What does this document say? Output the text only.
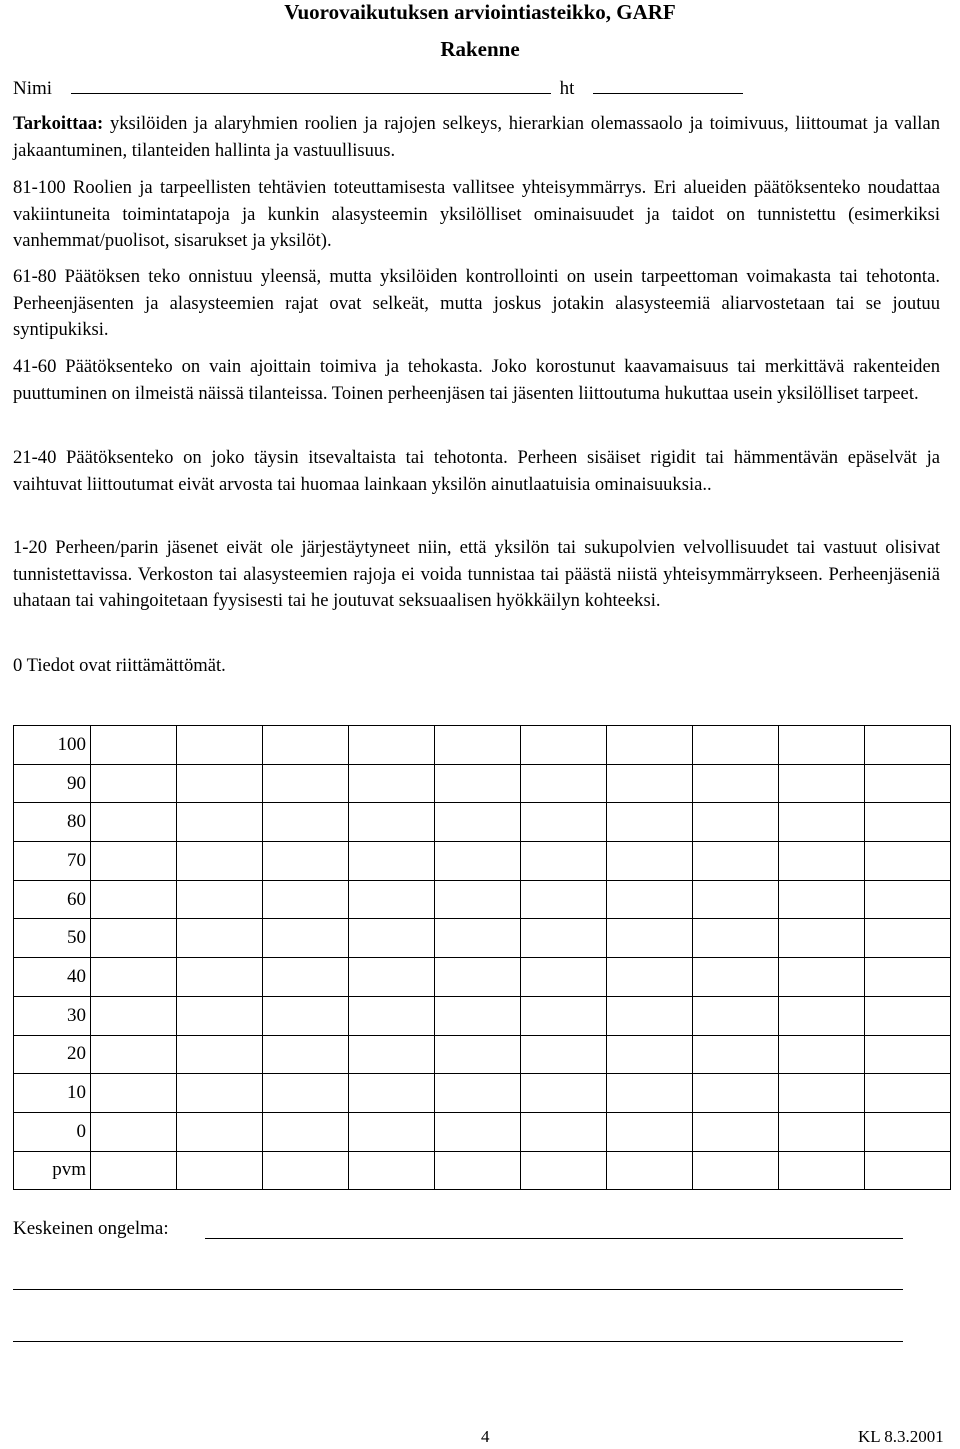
Vuorovaikutuksen arviointiasteikko, GARF
Rakenne
Nimi	ht
Tarkoittaa: yksilöiden ja alaryhmien roolien ja rajojen selkeys, hierarkian olemassaolo ja toimivuus, liittoumat ja vallan jakaantuminen, tilanteiden hallinta ja vastuullisuus.
81-100 Roolien ja tarpeellisten tehtävien toteuttamisesta vallitsee yhteisymmärrys. Eri alueiden päätöksenteko noudattaa vakiintuneita toimintatapoja ja kunkin alasysteemin yksilölliset ominaisuudet ja taidot on tunnistettu (esimerkiksi vanhemmat/puolisot, sisarukset ja yksilöt).
61-80 Päätöksen teko onnistuu yleensä, mutta yksilöiden kontrollointi on usein tarpeettoman voimakasta tai tehotonta. Perheenjäsenten ja alasysteemien rajat ovat selkeät, mutta joskus jotakin alasysteemiä aliarvostetaan tai se joutuu syntipukiksi.
41-60 Päätöksenteko on vain ajoittain toimiva ja tehokasta. Joko korostunut kaavamaisuus tai merkittävä rakenteiden puuttuminen on ilmeistä näissä tilanteissa. Toinen perheenjäsen tai jäsenten liittoutuma hukuttaa usein yksilölliset tarpeet.
21-40 Päätöksenteko on joko täysin itsevaltaista tai tehotonta. Perheen sisäiset rigidit tai hämmentävän epäselvät ja vaihtuvat liittoutumat eivät arvosta tai huomaa lainkaan yksilön ainutlaatuisia ominaisuuksia..
1-20 Perheen/parin jäsenet eivät ole järjestäytyneet niin, että yksilön tai sukupolvien velvollisuudet tai vastuut olisivat tunnistettavissa. Verkoston tai alasysteemien rajoja ei voida tunnistaa tai päästä niistä yhteisymmärrykseen. Perheenjäseniä uhataan tai vahingoitetaan fyysisesti tai he joutuvat seksuaalisen hyökkäilyn kohteeksi.
0 Tiedot ovat riittämättömät.
100										
90										
80										
70										
60										
50										
40										
30										
20										
10										
0										
pvm										
Keskeinen ongelma:
4	KL 8.3.2001
